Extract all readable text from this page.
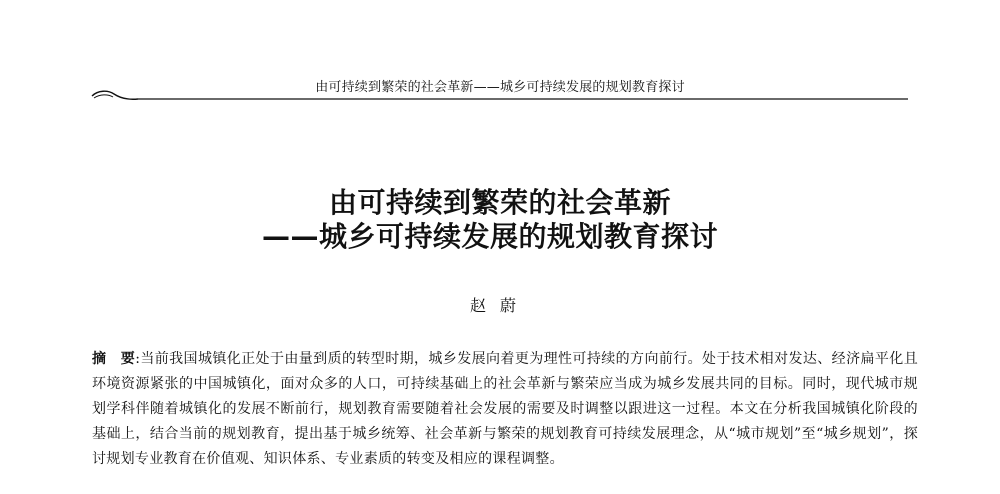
由可持续到繁荣的社会革新——城乡可持续发展的规划教育探讨
由可持续到繁荣的社会革新
——城乡可持续发展的规划教育探讨
赵蔚
摘　要:当前我国城镇化正处于由量到质的转型时期，城乡发展向着更为理性可持续的方向前行。处于技术相对发达、经济扁平化且环境资源紧张的中国城镇化，面对众多的人口，可持续基础上的社会革新与繁荣应当成为城乡发展共同的目标。同时，现代城市规划学科伴随着城镇化的发展不断前行，规划教育需要随着社会发展的需要及时调整以跟进这一过程。本文在分析我国城镇化阶段的基础上，结合当前的规划教育，提出基于城乡统筹、社会革新与繁荣的规划教育可持续发展理念，从“城市规划”至“城乡规划”，探讨规划专业教育在价值观、知识体系、专业素质的转变及相应的课程调整。
